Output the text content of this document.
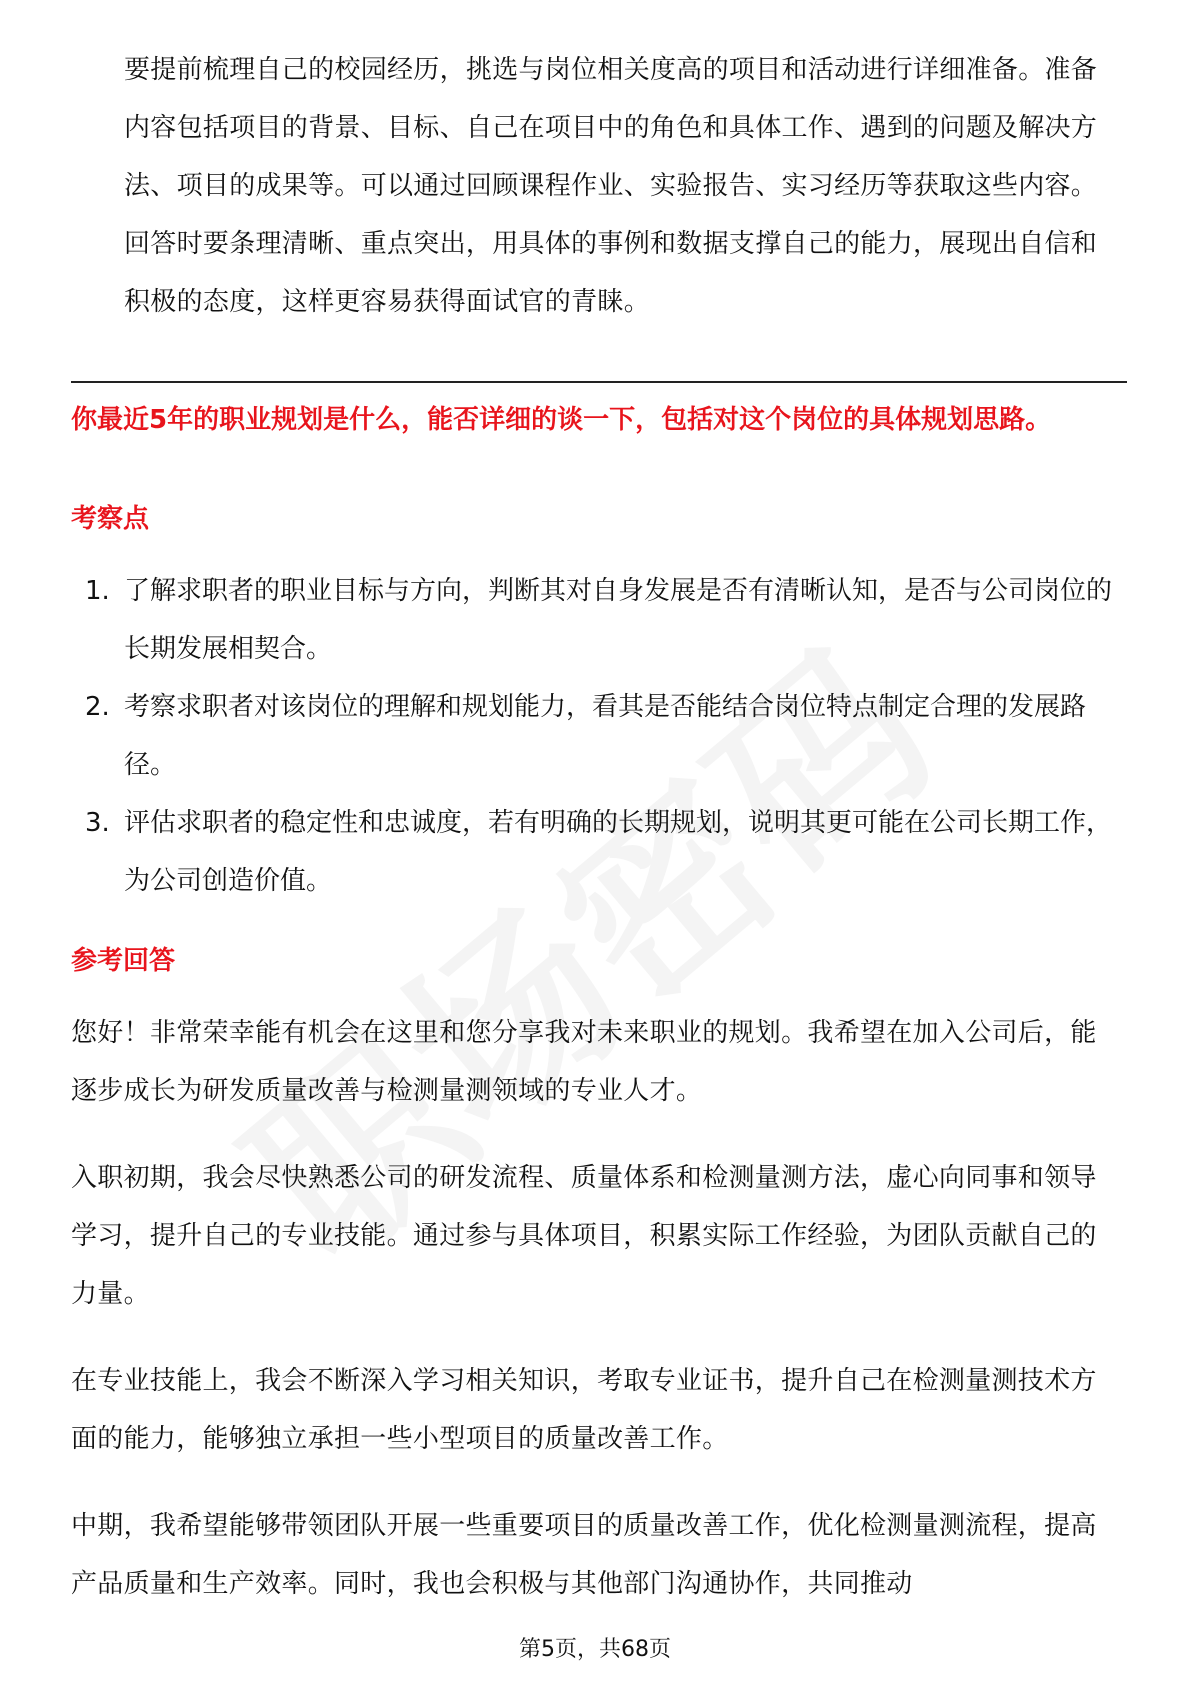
要提前梳理自己的校园经历，挑选与岗位相关度高的项目和活动进行详细准备。准备内容包括项目的背景、目标、自己在项目中的角色和具体工作、遇到的问题及解决方法、项目的成果等。可以通过回顾课程作业、实验报告、实习经历等获取这些内容。回答时要条理清晰、重点突出，用具体的事例和数据支撑自己的能力，展现出自信和积极的态度，这样更容易获得面试官的青睐。
你最近5年的职业规划是什么，能否详细的谈一下，包括对这个岗位的具体规划思路。
考察点
1. 了解求职者的职业目标与方向，判断其对自身发展是否有清晰认知，是否与公司岗位的长期发展相契合。
2. 考察求职者对该岗位的理解和规划能力，看其是否能结合岗位特点制定合理的发展路径。
3. 评估求职者的稳定性和忠诚度，若有明确的长期规划，说明其更可能在公司长期工作，为公司创造价值。
参考回答
您好！非常荣幸能有机会在这里和您分享我对未来职业的规划。我希望在加入公司后，能逐步成长为研发质量改善与检测量测领域的专业人才。
入职初期，我会尽快熟悉公司的研发流程、质量体系和检测量测方法，虚心向同事和领导学习，提升自己的专业技能。通过参与具体项目，积累实际工作经验，为团队贡献自己的力量。
在专业技能上，我会不断深入学习相关知识，考取专业证书，提升自己在检测量测技术方面的能力，能够独立承担一些小型项目的质量改善工作。
中期，我希望能够带领团队开展一些重要项目的质量改善工作，优化检测量测流程，提高产品质量和生产效率。同时，我也会积极与其他部门沟通协作，共同推动
第5页，共68页
